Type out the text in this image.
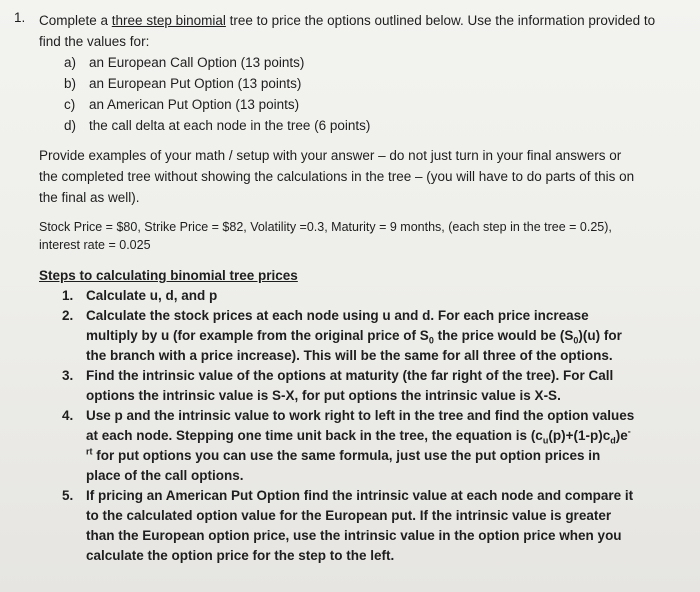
1. Complete a three step binomial tree to price the options outlined below. Use the information provided to find the values for:
a) an European Call Option (13 points)
b) an European Put Option (13 points)
c)	an American Put Option (13 points)
d) the call delta at each node in the tree (6 points)
Provide examples of your math / setup with your answer – do not just turn in your final answers or the completed tree without showing the calculations in the tree – (you will have to do parts of this on the final as well).
Stock Price = $80, Strike Price = $82, Volatility =0.3, Maturity = 9 months, (each step in the tree = 0.25), interest rate = 0.025
Steps to calculating binomial tree prices
1. Calculate u, d, and p
2. Calculate the stock prices at each node using u and d. For each price increase multiply by u (for example from the original price of $S_0$ the price would be $(S_0)(u)$ for the branch with a price increase). This will be the same for all three of the options.
3. Find the intrinsic value of the options at maturity (the far right of the tree). For Call options the intrinsic value is S-X, for put options the intrinsic value is X-S.
4. Use p and the intrinsic value to work right to left in the tree and find the option values at each node. Stepping one time unit back in the tree, the equation is $(c_u(p)+(1-p)c_d)e^{-rt}$ for put options you can use the same formula, just use the put option prices in place of the call options.
5. If pricing an American Put Option find the intrinsic value at each node and compare it to the calculated option value for the European put. If the intrinsic value is greater than the European option price, use the intrinsic value in the option price when you calculate the option price for the step to the left.
